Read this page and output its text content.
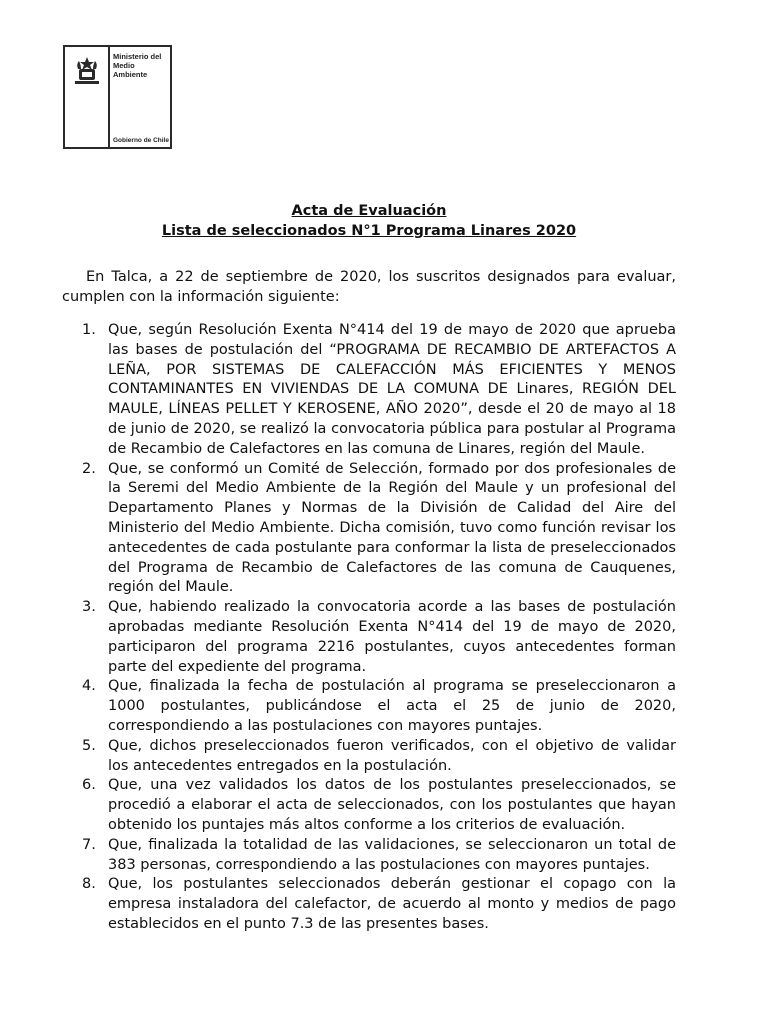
Ministerio del
Medio
Ambiente
Gobierno de Chile
Acta de Evaluación
Lista de seleccionados N°1 Programa Linares 2020

En Talca, a 22 de septiembre de 2020, los suscritos designados para evaluar, cumplen con la información siguiente:

1. Que, según Resolución Exenta N°414 del 19 de mayo de 2020 que aprueba las bases de postulación del “PROGRAMA DE RECAMBIO DE ARTEFACTOS A LEÑA, POR SISTEMAS DE CALEFACCIÓN MÁS EFICIENTES Y MENOS CONTAMINANTES EN VIVIENDAS DE LA COMUNA DE Linares, REGIÓN DEL MAULE, LÍNEAS PELLET Y KEROSENE, AÑO 2020”, desde el 20 de mayo al 18 de junio de 2020, se realizó la convocatoria pública para postular al Programa de Recambio de Calefactores en las comuna de Linares, región del Maule.
2. Que, se conformó un Comité de Selección, formado por dos profesionales de la Seremi del Medio Ambiente de la Región del Maule y un profesional del Departamento Planes y Normas de la División de Calidad del Aire del Ministerio del Medio Ambiente. Dicha comisión, tuvo como función revisar los antecedentes de cada postulante para conformar la lista de preseleccionados del Programa de Recambio de Calefactores de las comuna de Cauquenes, región del Maule.
3. Que, habiendo realizado la convocatoria acorde a las bases de postulación aprobadas mediante Resolución Exenta N°414 del 19 de mayo de 2020, participaron del programa 2216 postulantes, cuyos antecedentes forman parte del expediente del programa.
4. Que, finalizada la fecha de postulación al programa se preseleccionaron a 1000 postulantes, publicándose el acta el 25 de junio de 2020, correspondiendo a las postulaciones con mayores puntajes.
5. Que, dichos preseleccionados fueron verificados, con el objetivo de validar los antecedentes entregados en la postulación.
6. Que, una vez validados los datos de los postulantes preseleccionados, se procedió a elaborar el acta de seleccionados, con los postulantes que hayan obtenido los puntajes más altos conforme a los criterios de evaluación.
7. Que, finalizada la totalidad de las validaciones, se seleccionaron un total de 383 personas, correspondiendo a las postulaciones con mayores puntajes.
8. Que, los postulantes seleccionados deberán gestionar el copago con la empresa instaladora del calefactor, de acuerdo al monto y medios de pago establecidos en el punto 7.3 de las presentes bases.
